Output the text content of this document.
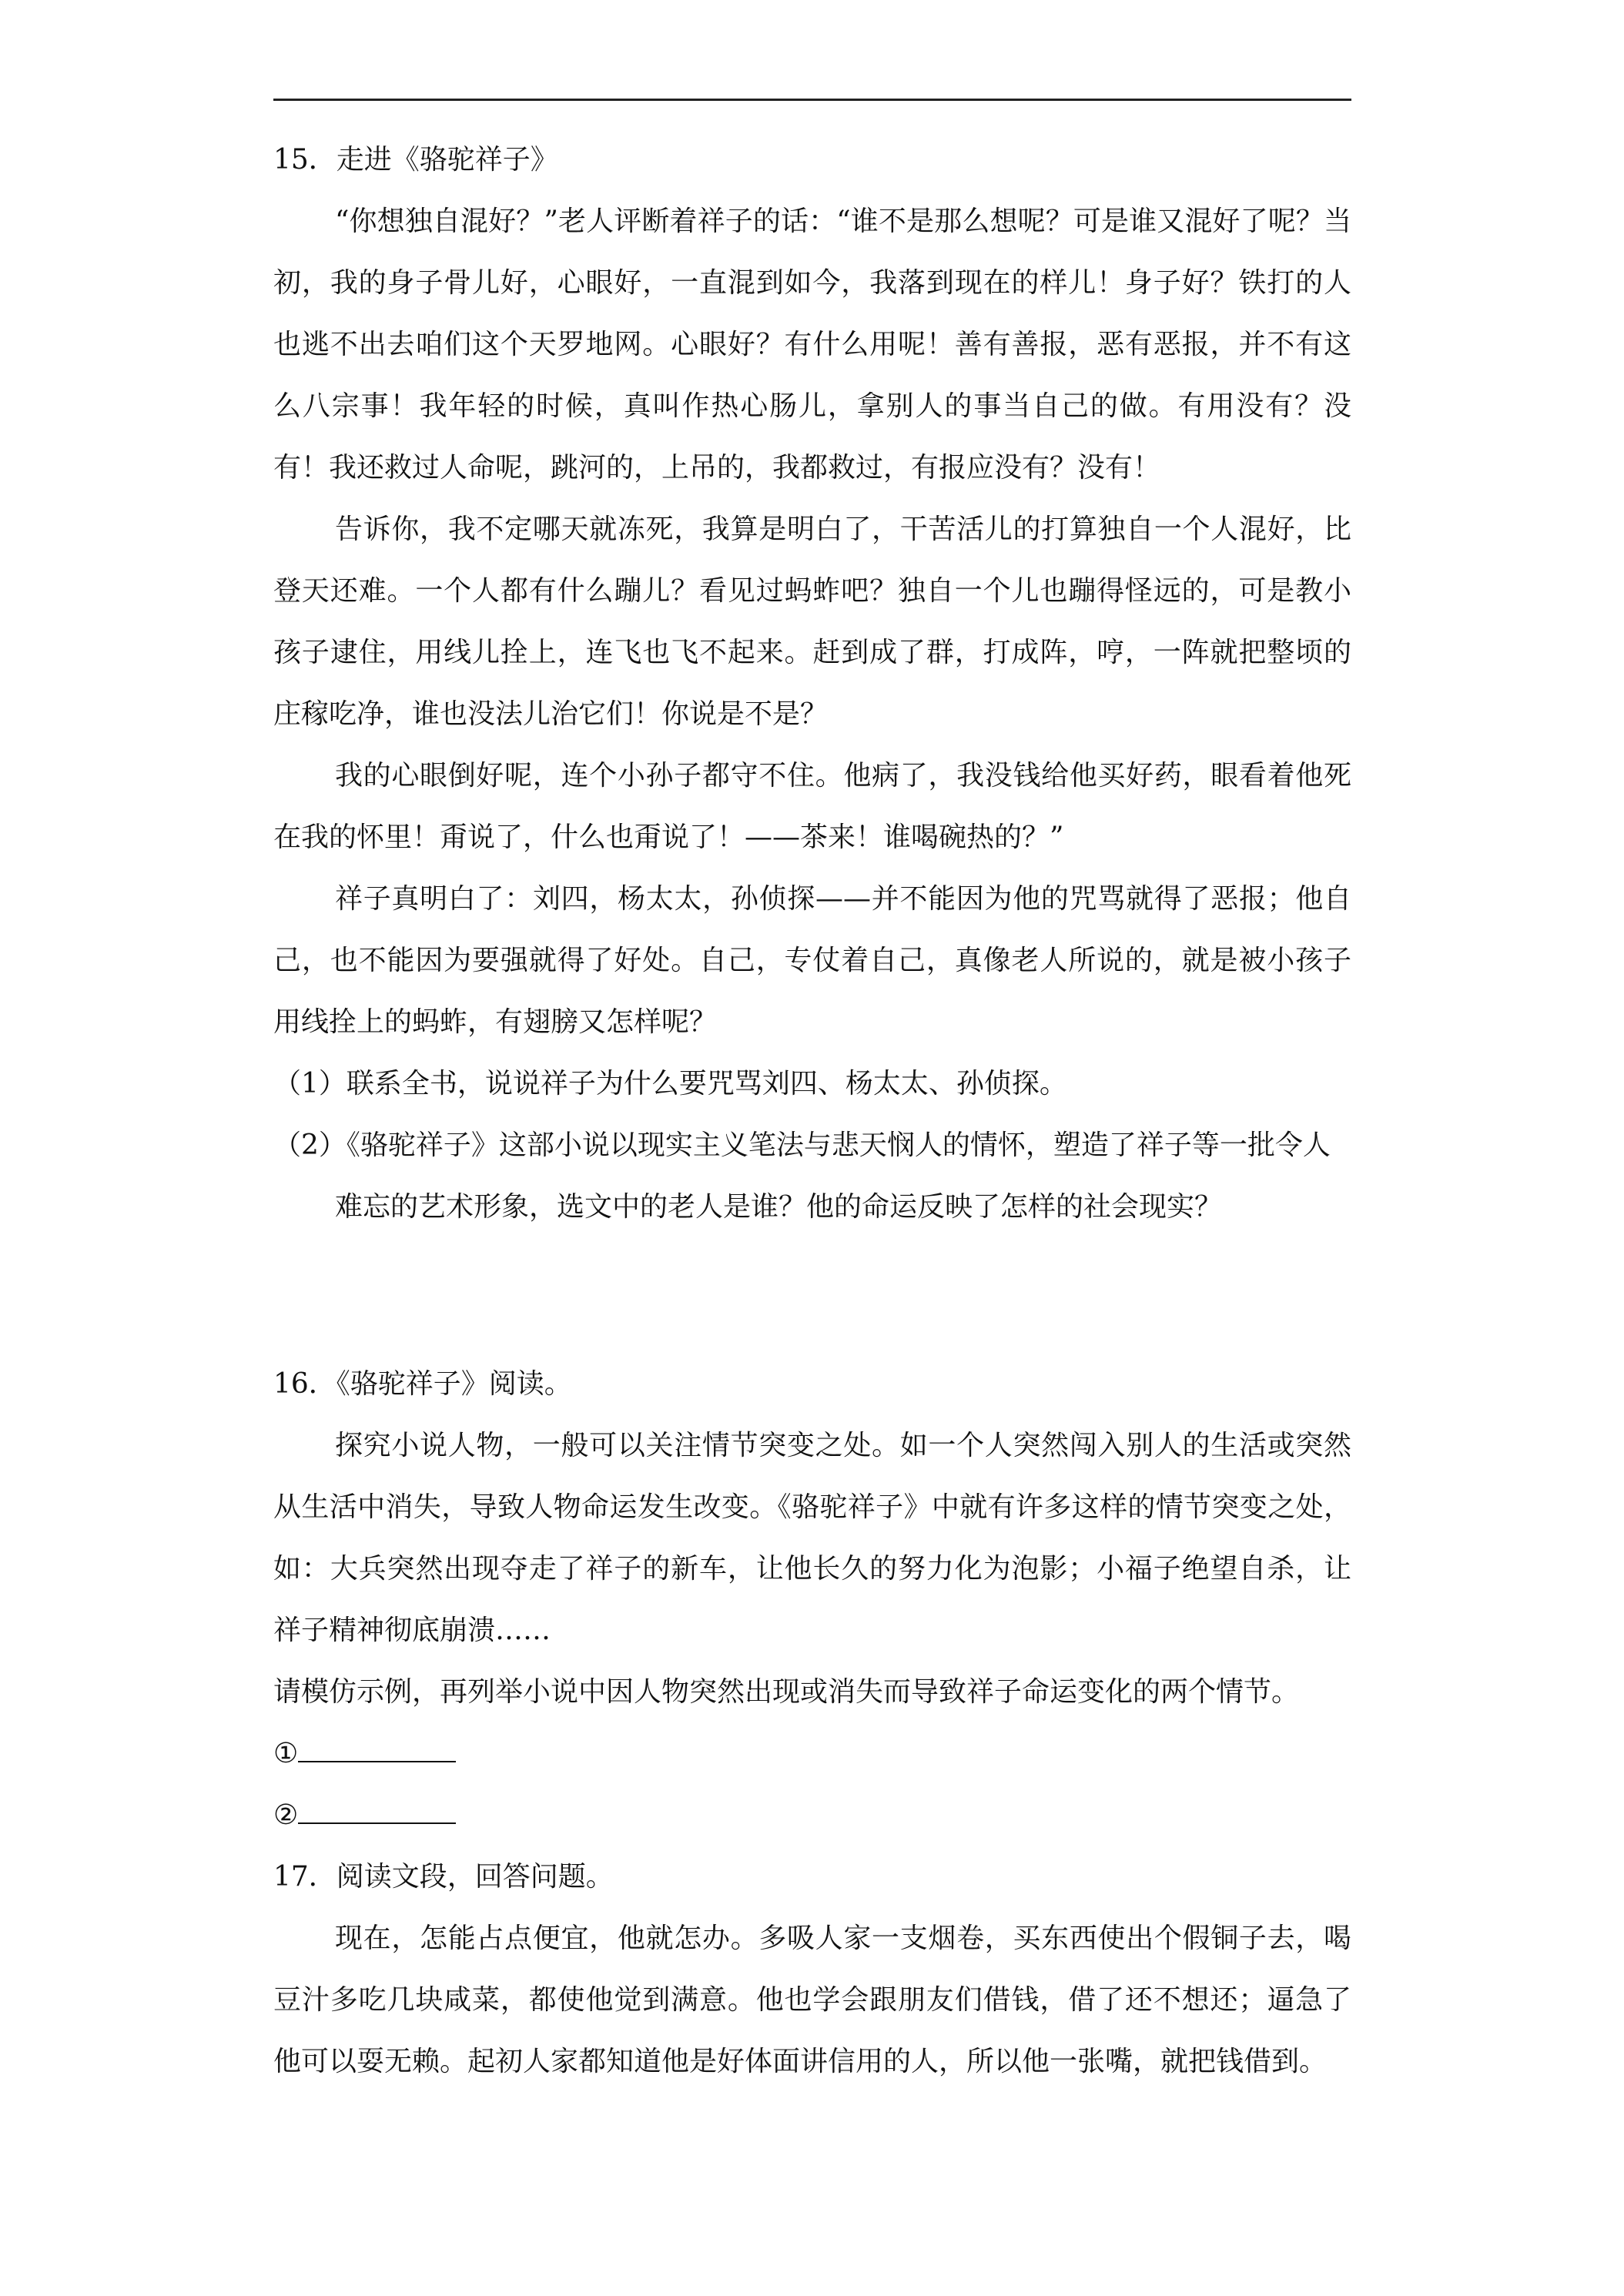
15．走进《骆驼祥子》

“你想独自混好？”老人评断着祥子的话：“谁不是那么想呢？可是谁又混好了呢？当初，我的身子骨儿好，心眼好，一直混到如今，我落到现在的样儿！身子好？铁打的人也逃不出去咱们这个天罗地网。心眼好？有什么用呢！善有善报，恶有恶报，并不有这么八宗事！我年轻的时候，真叫作热心肠儿，拿别人的事当自己的做。有用没有？没有！我还救过人命呢，跳河的，上吊的，我都救过，有报应没有？没有！

告诉你，我不定哪天就冻死，我算是明白了，干苦活儿的打算独自一个人混好，比登天还难。一个人都有什么蹦儿？看见过蚂蚱吧？独自一个儿也蹦得怪远的，可是教小孩子逮住，用线儿拴上，连飞也飞不起来。赶到成了群，打成阵，哼，一阵就把整顷的庄稼吃净，谁也没法儿治它们！你说是不是？

我的心眼倒好呢，连个小孙子都守不住。他病了，我没钱给他买好药，眼看着他死在我的怀里！甭说了，什么也甭说了！——茶来！谁喝碗热的？”

祥子真明白了：刘四，杨太太，孙侦探——并不能因为他的咒骂就得了恶报；他自己，也不能因为要强就得了好处。自己，专仗着自己，真像老人所说的，就是被小孩子用线拴上的蚂蚱，有翅膀又怎样呢？

（1）联系全书，说说祥子为什么要咒骂刘四、杨太太、孙侦探。

（2）《骆驼祥子》这部小说以现实主义笔法与悲天悯人的情怀，塑造了祥子等一批令人

难忘的艺术形象，选文中的老人是谁？他的命运反映了怎样的社会现实？

16．《骆驼祥子》阅读。

探究小说人物，一般可以关注情节突变之处。如一个人突然闯入别人的生活或突然从生活中消失，导致人物命运发生改变。《骆驼祥子》中就有许多这样的情节突变之处，如：大兵突然出现夺走了祥子的新车，让他长久的努力化为泡影；小福子绝望自杀，让祥子精神彻底崩溃……

请模仿示例，再列举小说中因人物突然出现或消失而导致祥子命运变化的两个情节。

①

②

17．阅读文段，回答问题。

现在，怎能占点便宜，他就怎办。多吸人家一支烟卷，买东西使出个假铜子去，喝豆汁多吃几块咸菜，都使他觉到满意。他也学会跟朋友们借钱，借了还不想还；逼急了他可以耍无赖。起初人家都知道他是好体面讲信用的人，所以他一张嘴，就把钱借到。
